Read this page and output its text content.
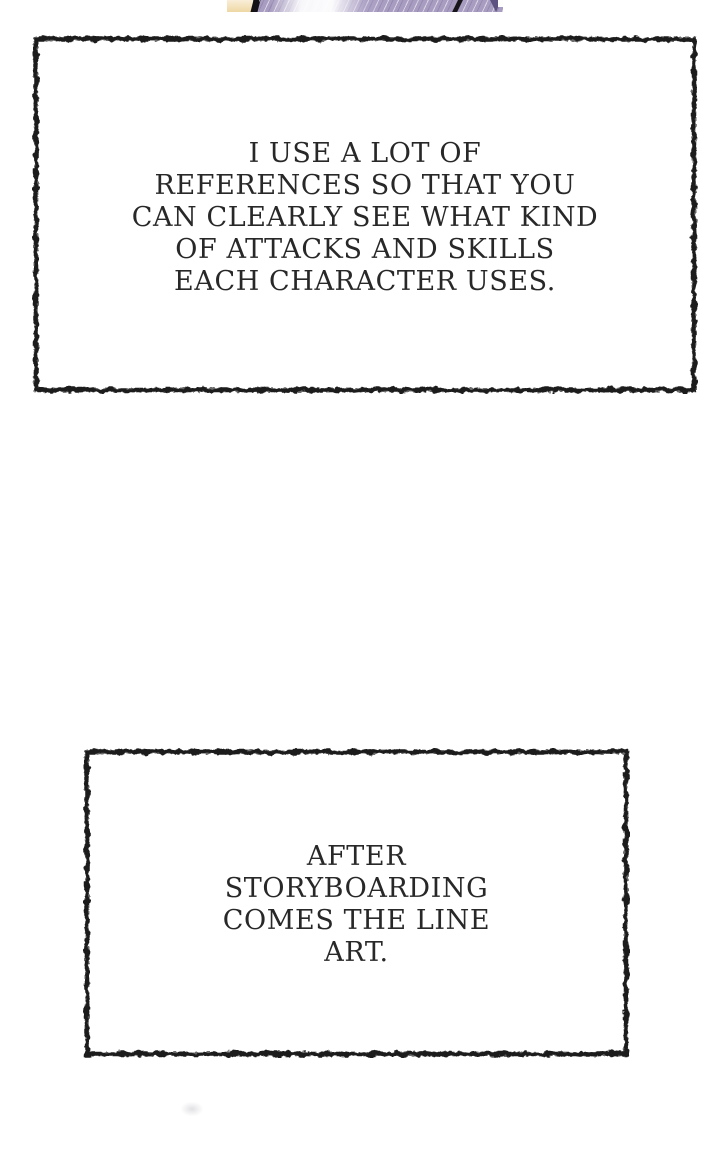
I USE A LOT OF
REFERENCES SO THAT YOU
CAN CLEARLY SEE WHAT KIND
OF ATTACKS AND SKILLS
EACH CHARACTER USES.
AFTER
STORYBOARDING
COMES THE LINE
ART.
